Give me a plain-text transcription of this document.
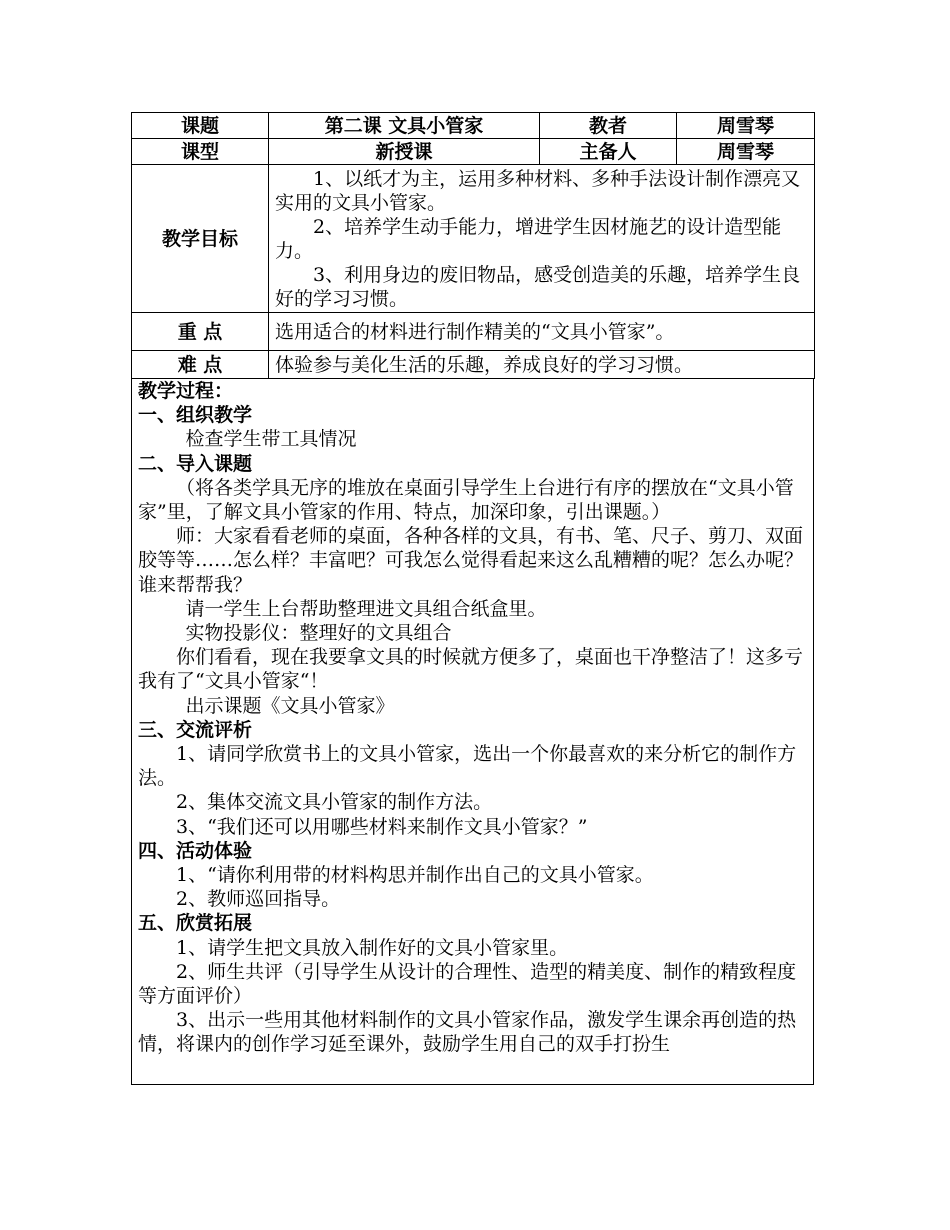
课题	第二课 文具小管家	教者	周雪琴
课型	新授课	主备人	周雪琴
教学目标	1、以纸才为主，运用多种材料、多种手法设计制作漂亮又实用的文具小管家。

2、培养学生动手能力，增进学生因材施艺的设计造型能力。

3、利用身边的废旧物品，感受创造美的乐趣，培养学生良好的学习习惯。		

重 点	选用适合的材料进行制作精美的“文具小管家”。		
难 点	体验参与美化生活的乐趣，养成良好的学习习惯。		

教学过程：

一、组织教学

检查学生带工具情况

二、导入课题

（将各类学具无序的堆放在桌面引导学生上台进行有序的摆放在“文具小管家”里，了解文具小管家的作用、特点，加深印象，引出课题。）

师：大家看看老师的桌面，各种各样的文具，有书、笔、尺子、剪刀、双面胶等等……怎么样？丰富吧？可我怎么觉得看起来这么乱糟糟的呢？怎么办呢？谁来帮帮我？

请一学生上台帮助整理进文具组合纸盒里。

实物投影仪：整理好的文具组合

你们看看，现在我要拿文具的时候就方便多了，桌面也干净整洁了！这多亏我有了“文具小管家“！

出示课题《文具小管家》

三、交流评析

1、请同学欣赏书上的文具小管家，选出一个你最喜欢的来分析它的制作方法。

2、集体交流文具小管家的制作方法。

3、“我们还可以用哪些材料来制作文具小管家？”

四、活动体验

1、“请你利用带的材料构思并制作出自己的文具小管家。

2、教师巡回指导。

五、欣赏拓展

1、请学生把文具放入制作好的文具小管家里。

2、师生共评（引导学生从设计的合理性、造型的精美度、制作的精致程度等方面评价）

3、出示一些用其他材料制作的文具小管家作品，激发学生课余再创造的热情，将课内的创作学习延至课外，鼓励学生用自己的双手打扮生
